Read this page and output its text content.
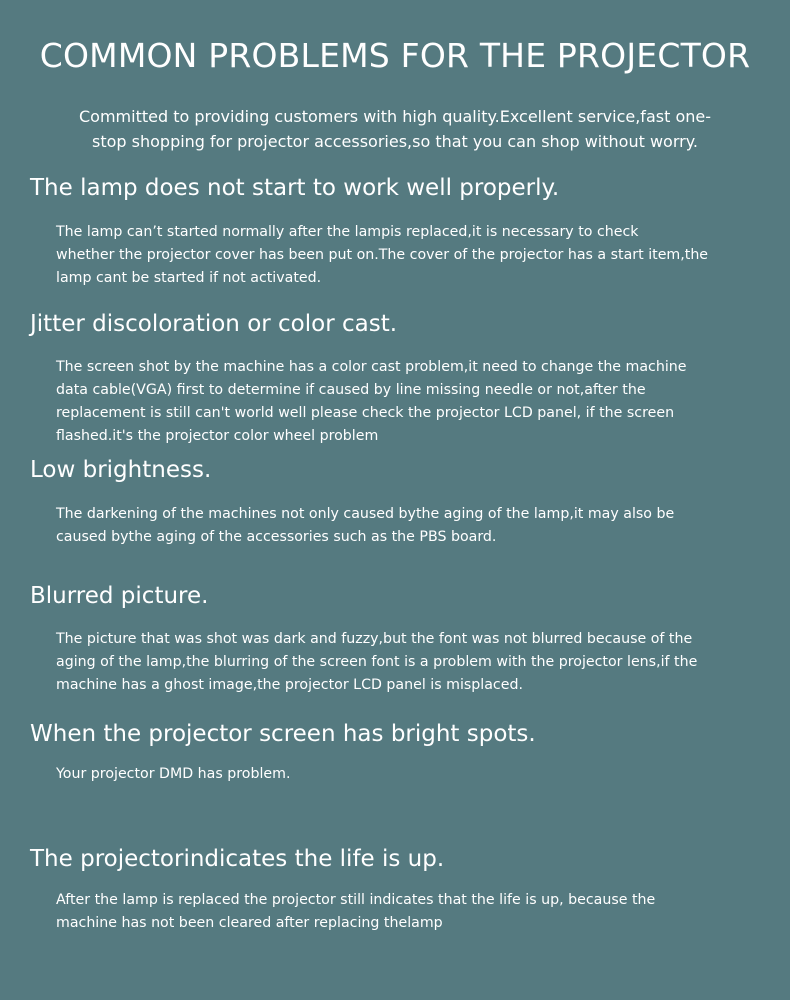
COMMON PROBLEMS FOR THE PROJECTOR
Committed to providing customers with high quality.Excellent service,fast one-
stop shopping for projector accessories,so that you can shop without worry.
The lamp does not start to work well properly.
The lamp can’t started normally after the lampis replaced,it is necessary to check
whether the projector cover has been put on.The cover of the projector has a start item,the
lamp cant be started if not activated.
Jitter discoloration or color cast.
The screen shot by the machine has a color cast problem,it need to change the machine
data cable(VGA) first to determine if caused by line missing needle or not,after the
replacement is still can't world well please check the projector LCD panel, if the screen
flashed.it's the projector color wheel problem
Low brightness.
The darkening of the machines not only caused bythe aging of the lamp,it may also be
caused bythe aging of the accessories such as the PBS board.
Blurred picture.
The picture that was shot was dark and fuzzy,but the font was not blurred because of the
aging of the lamp,the blurring of the screen font is a problem with the projector lens,if the
machine has a ghost image,the projector LCD panel is misplaced.
When the projector screen has bright spots.
Your projector DMD has problem.
The projectorindicates the life is up.
After the lamp is replaced the projector still indicates that the life is up, because the
machine has not been cleared after replacing thelamp
